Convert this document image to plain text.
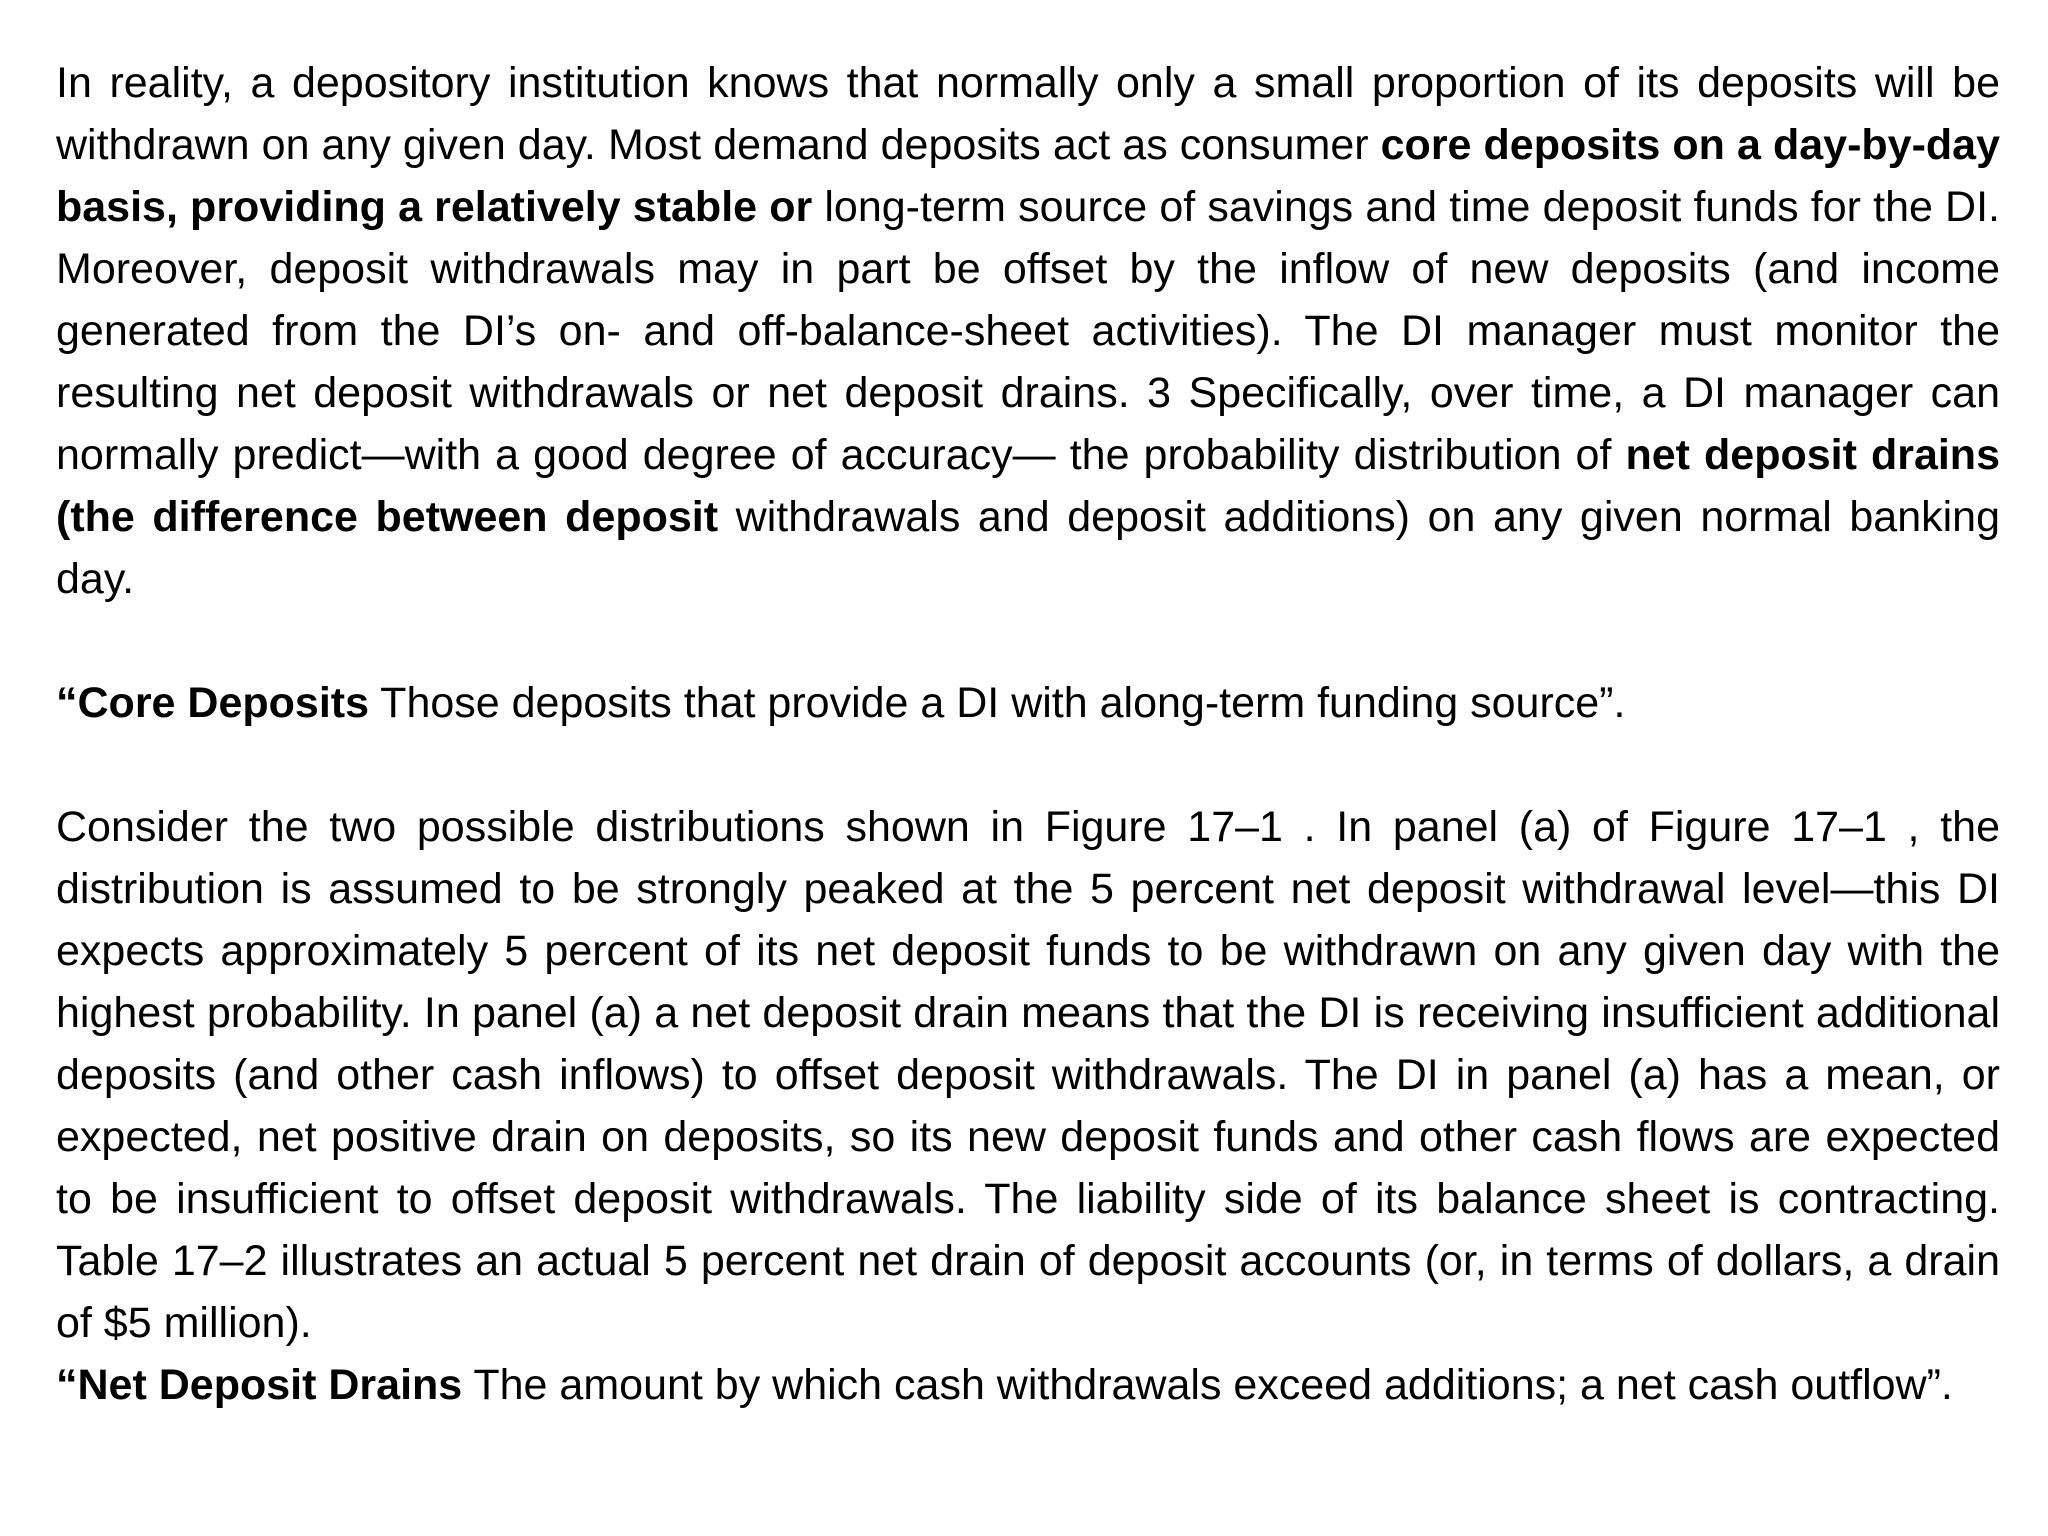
In reality, a depository institution knows that normally only a small proportion of its deposits will be withdrawn on any given day. Most demand deposits act as consumer core deposits on a day-by-day basis, providing a relatively stable or long-term source of savings and time deposit funds for the DI. Moreover, deposit withdrawals may in part be offset by the inflow of new deposits (and income generated from the DI’s on- and off-balance-sheet activities). The DI manager must monitor the resulting net deposit withdrawals or net deposit drains. 3 Specifically, over time, a DI manager can normally predict—with a good degree of accuracy— the probability distribution of net deposit drains (the difference between deposit withdrawals and deposit additions) on any given normal banking day.

“Core Deposits Those deposits that provide a DI with along-term funding source”.

Consider the two possible distributions shown in Figure 17–1 . In panel (a) of Figure 17–1 , the distribution is assumed to be strongly peaked at the 5 percent net deposit withdrawal level—this DI expects approximately 5 percent of its net deposit funds to be withdrawn on any given day with the highest probability. In panel (a) a net deposit drain means that the DI is receiving insufficient additional deposits (and other cash inflows) to offset deposit withdrawals. The DI in panel (a) has a mean, or expected, net positive drain on deposits, so its new deposit funds and other cash flows are expected to be insufficient to offset deposit withdrawals. The liability side of its balance sheet is contracting. Table 17–2 illustrates an actual 5 percent net drain of deposit accounts (or, in terms of dollars, a drain of $5 million).

“Net Deposit Drains The amount by which cash withdrawals exceed additions; a net cash outflow”.
